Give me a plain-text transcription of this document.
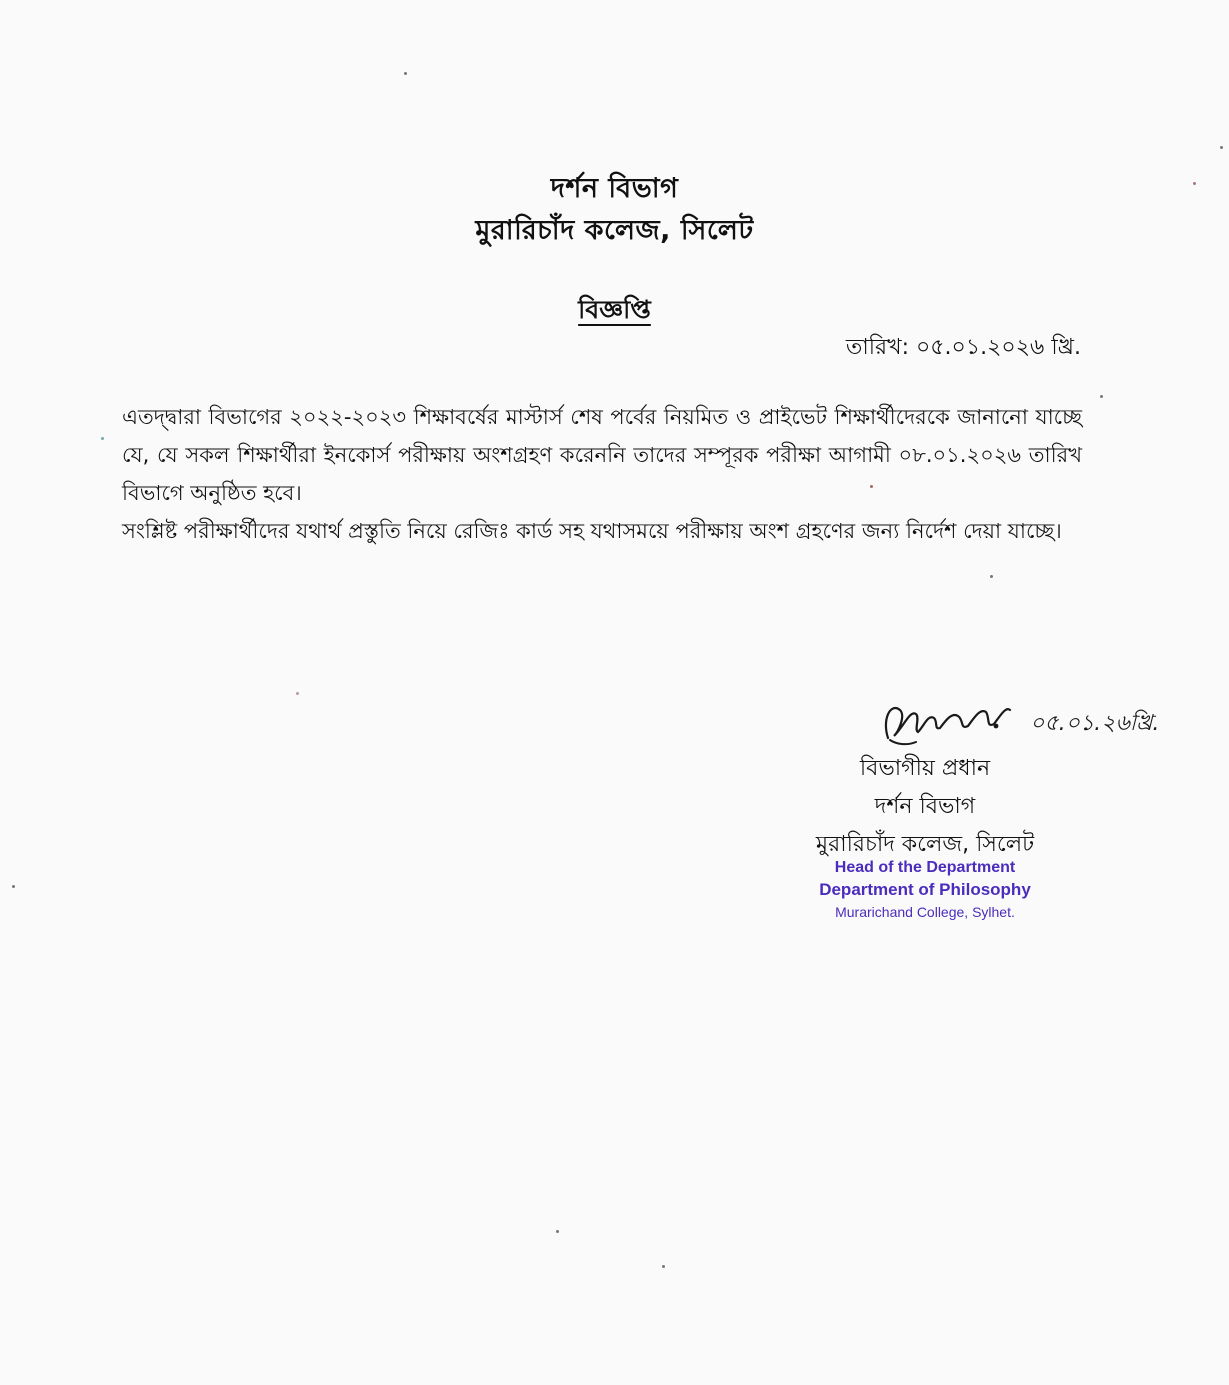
দর্শন বিভাগ
মুরারিচাঁদ কলেজ, সিলেট
বিজ্ঞপ্তি
তারিখ: ০৫.০১.২০২৬ খ্রি.

এতদ্দ্বারা বিভাগের ২০২২-২০২৩ শিক্ষাবর্ষের মাস্টার্স শেষ পর্বের নিয়মিত ও প্রাইভেট শিক্ষার্থীদেরকে জানানো যাচ্ছে যে, যে সকল শিক্ষার্থীরা ইনকোর্স পরীক্ষায় অংশগ্রহণ করেননি তাদের সম্পূরক পরীক্ষা আগামী ০৮.০১.২০২৬ তারিখ বিভাগে অনুষ্ঠিত হবে।

সংশ্লিষ্ট পরীক্ষার্থীদের যথার্থ প্রস্তুতি নিয়ে রেজিঃ কার্ড সহ যথাসময়ে পরীক্ষায় অংশ গ্রহণের জন্য নির্দেশ দেয়া যাচ্ছে।

০৫.০১.২৬খ্রি.
বিভাগীয় প্রধান
দর্শন বিভাগ
মুরারিচাঁদ কলেজ, সিলেট
Head of the Department
Department of Philosophy
Murarichand College, Sylhet.
